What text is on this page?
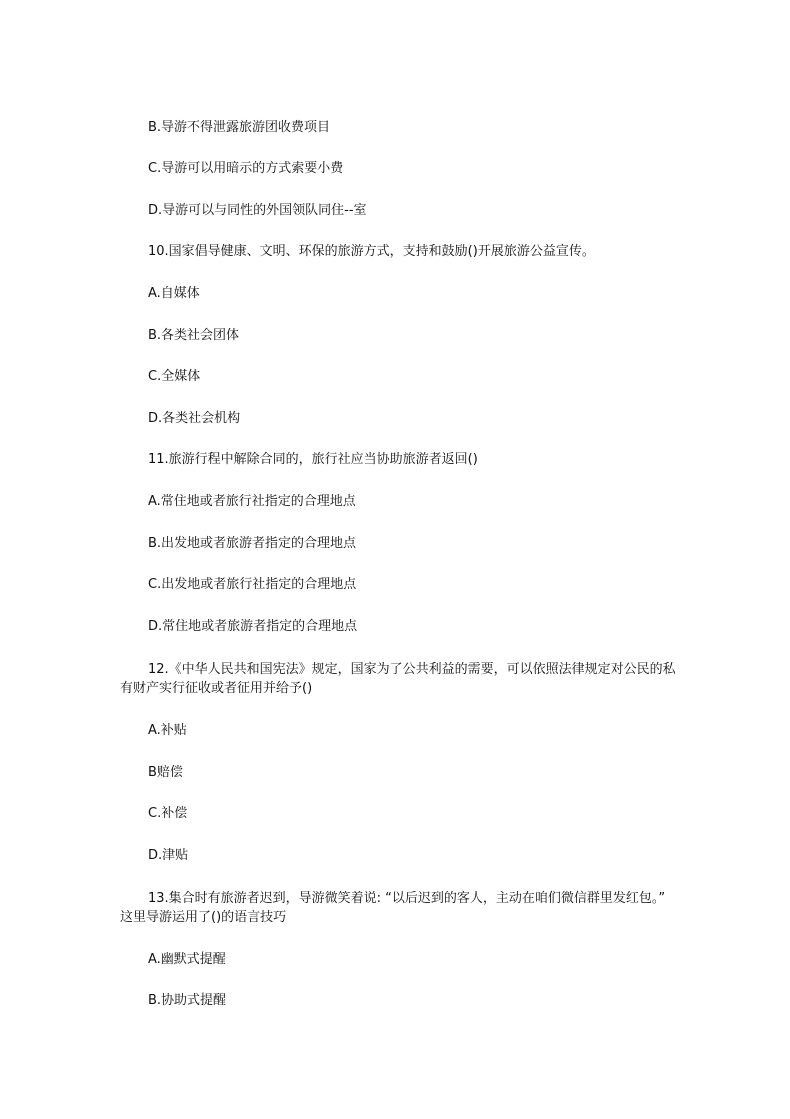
B.导游不得泄露旅游团收费项目
C.导游可以用暗示的方式索要小费
D.导游可以与同性的外国领队同住--室
10.国家倡导健康、文明、环保的旅游方式，支持和鼓励()开展旅游公益宣传。
A.自媒体
B.各类社会团体
C.全媒体
D.各类社会机构
11.旅游行程中解除合同的，旅行社应当协助旅游者返回()
A.常住地或者旅行社指定的合理地点
B.出发地或者旅游者指定的合理地点
C.出发地或者旅行社指定的合理地点
D.常住地或者旅游者指定的合理地点
12.《中华人民共和国宪法》规定，国家为了公共利益的需要，可以依照法律规定对公民的私有财产实行征收或者征用并给予()
A.补贴
B赔偿
C.补偿
D.津贴
13.集合时有旅游者迟到，导游微笑着说: “以后迟到的客人，主动在咱们微信群里发红包。” 这里导游运用了()的语言技巧
A.幽默式提醒
B.协助式提醒
